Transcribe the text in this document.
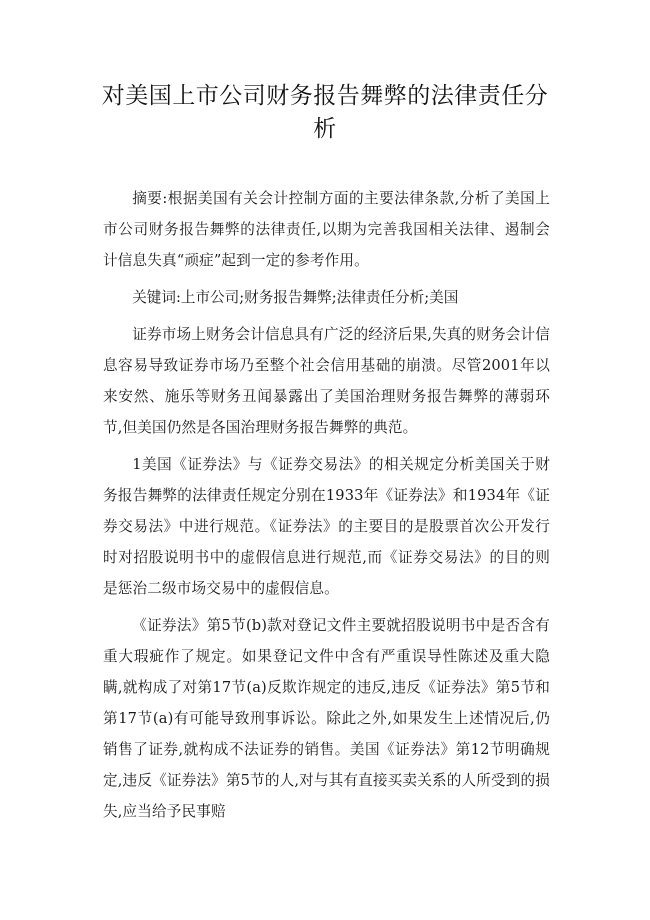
对美国上市公司财务报告舞弊的法律责任分析

摘要:根据美国有关会计控制方面的主要法律条款,分析了美国上市公司财务报告舞弊的法律责任,以期为完善我国相关法律、遏制会计信息失真“顽症”起到一定的参考作用。

关键词:上市公司;财务报告舞弊;法律责任分析;美国

证券市场上财务会计信息具有广泛的经济后果,失真的财务会计信息容易导致证券市场乃至整个社会信用基础的崩溃。尽管2001年以来安然、施乐等财务丑闻暴露出了美国治理财务报告舞弊的薄弱环节,但美国仍然是各国治理财务报告舞弊的典范。

1美国《证券法》与《证券交易法》的相关规定分析美国关于财务报告舞弊的法律责任规定分别在1933年《证券法》和1934年《证券交易法》中进行规范。《证券法》的主要目的是股票首次公开发行时对招股说明书中的虚假信息进行规范,而《证券交易法》的目的则是惩治二级市场交易中的虚假信息。

《证券法》第5节(b)款对登记文件主要就招股说明书中是否含有重大瑕疵作了规定。如果登记文件中含有严重误导性陈述及重大隐瞒,就构成了对第17节(a)反欺诈规定的违反,违反《证券法》第5节和第17节(a)有可能导致刑事诉讼。除此之外,如果发生上述情况后,仍销售了证券,就构成不法证券的销售。美国《证券法》第12节明确规定,违反《证券法》第5节的人,对与其有直接买卖关系的人所受到的损失,应当给予民事赔
